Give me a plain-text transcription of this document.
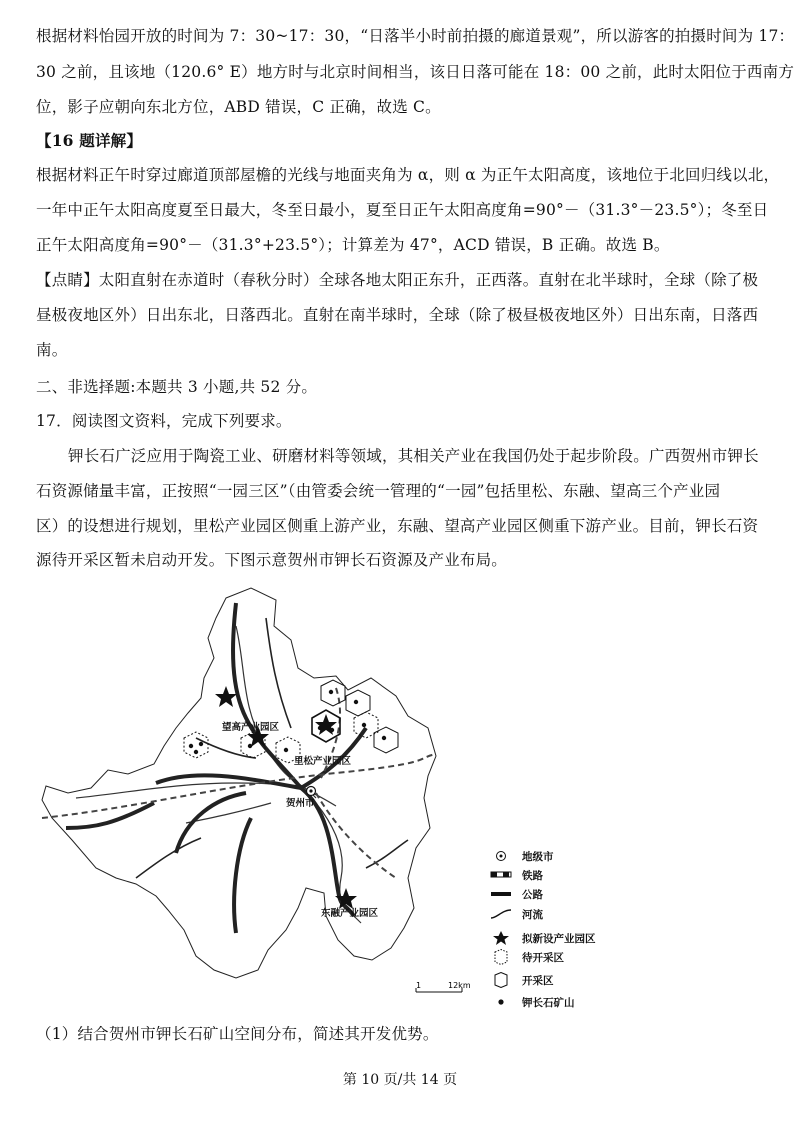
根据材料怡园开放的时间为 7：30~17：30，“日落半小时前拍摄的廊道景观”，所以游客的拍摄时间为 17：
30 之前，且该地（120.6° E）地方时与北京时间相当，该日日落可能在 18：00 之前，此时太阳位于西南方
位，影子应朝向东北方位，ABD 错误，C 正确，故选 C。
【16 题详解】
根据材料正午时穿过廊道顶部屋檐的光线与地面夹角为 α，则 α 为正午太阳高度，该地位于北回归线以北，
一年中正午太阳高度夏至日最大，冬至日最小，夏至日正午太阳高度角=90°－（31.3°－23.5°）；冬至日
正午太阳高度角=90°－（31.3°+23.5°）；计算差为 47°，ACD 错误，B 正确。故选 B。
【点睛】太阳直射在赤道时（春秋分时）全球各地太阳正东升，正西落。直射在北半球时，全球（除了极
昼极夜地区外）日出东北，日落西北。直射在南半球时，全球（除了极昼极夜地区外）日出东南，日落西
南。
二、非选择题:本题共 3 小题,共 52 分。
17．阅读图文资料，完成下列要求。
钾长石广泛应用于陶瓷工业、研磨材料等领域，其相关产业在我国仍处于起步阶段。广西贺州市钾长
石资源储量丰富，正按照“一园三区”（由管委会统一管理的“一园”包括里松、东融、望高三个产业园
区）的设想进行规划，里松产业园区侧重上游产业，东融、望高产业园区侧重下游产业。目前，钾长石资
源待开采区暂未启动开发。下图示意贺州市钾长石资源及产业布局。
望高产业园区
里松产业园区
贺州市
东融产业园区
1	12km
地级市
铁路
公路
河流
拟新设产业园区
待开采区
开采区
钾长石矿山
（1）结合贺州市钾长石矿山空间分布，简述其开发优势。
第 10 页/共 14 页
